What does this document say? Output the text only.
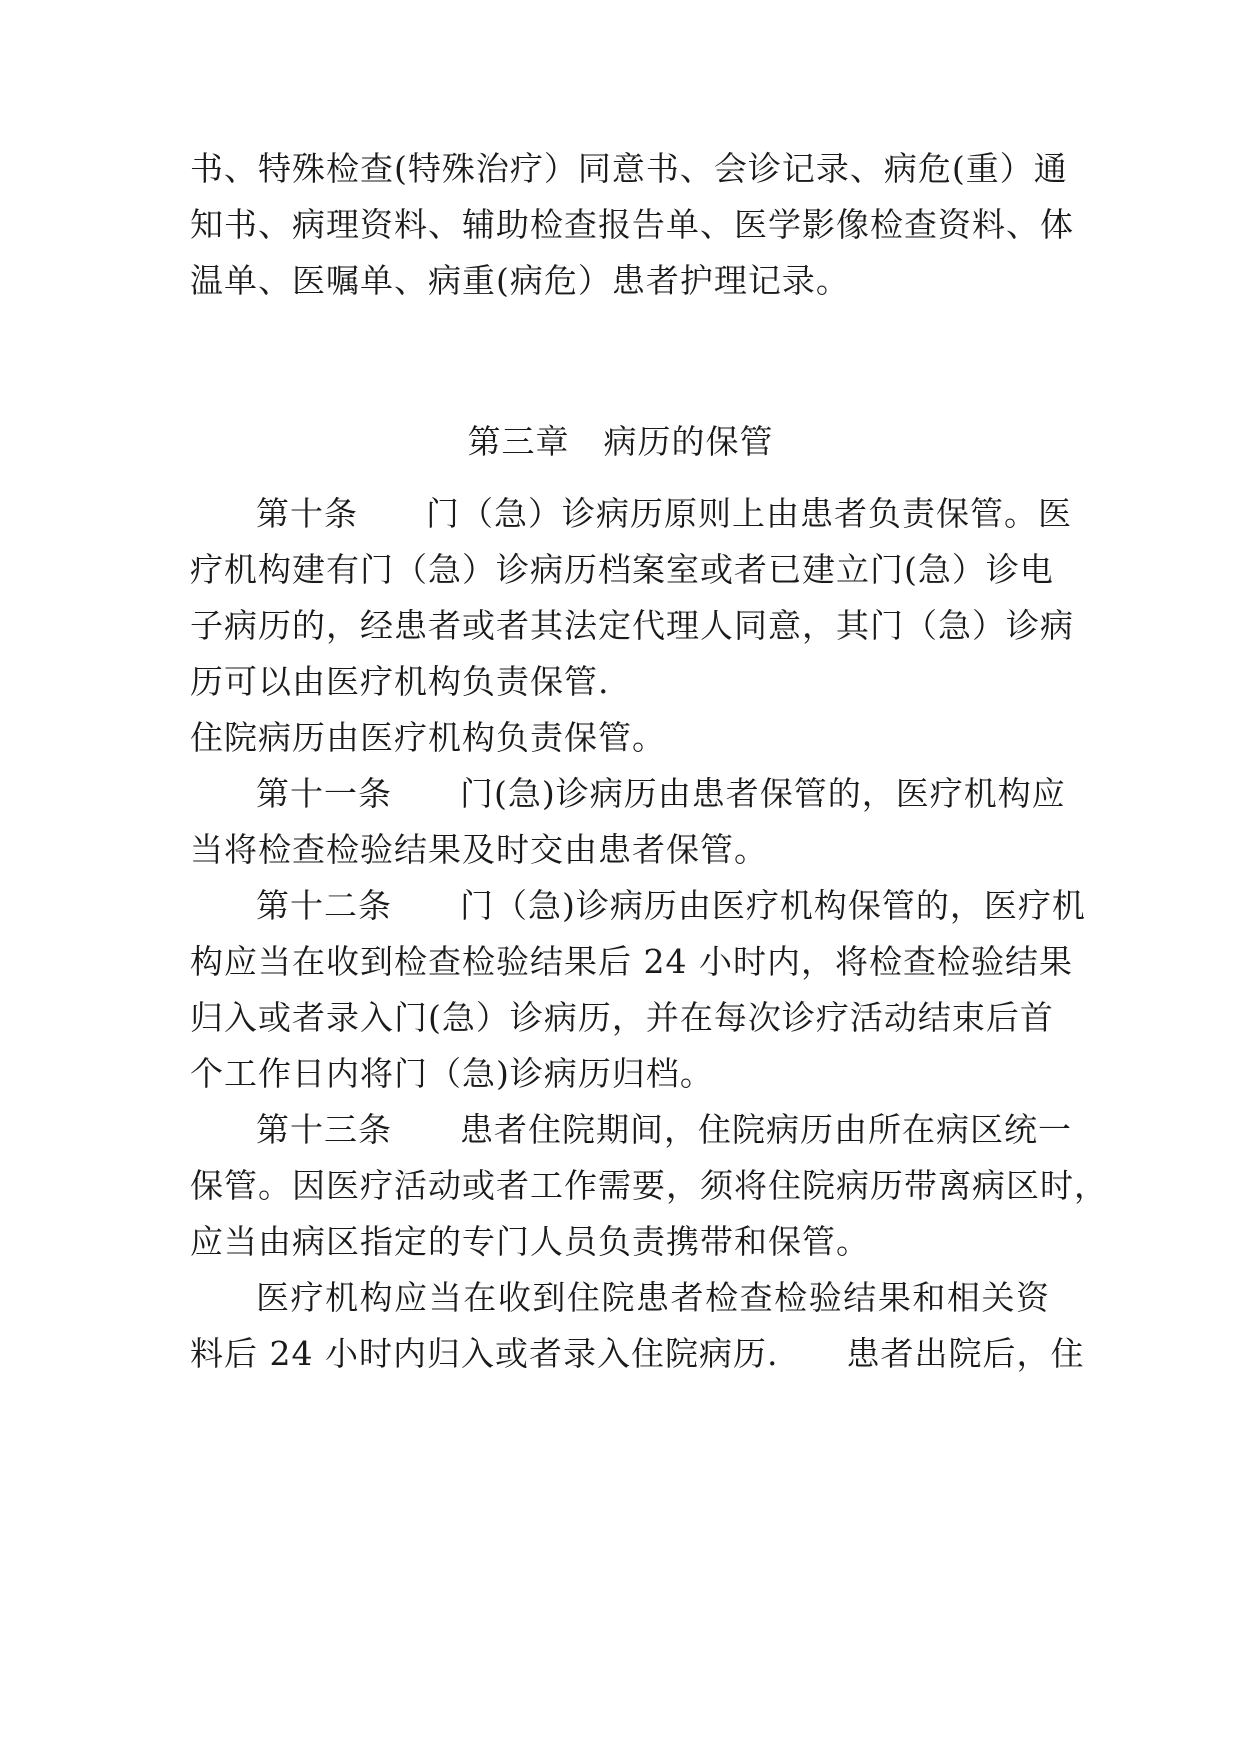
书、特殊检查(特殊治疗）同意书、会诊记录、病危(重）通
知书、病理资料、辅助检查报告单、医学影像检查资料、体
温单、医嘱单、病重(病危）患者护理记录。
第三章　病历的保管
第十条　　门（急）诊病历原则上由患者负责保管。医
疗机构建有门（急）诊病历档案室或者已建立门(急）诊电
子病历的，经患者或者其法定代理人同意，其门（急）诊病
历可以由医疗机构负责保管.
住院病历由医疗机构负责保管。
第十一条　　门(急)诊病历由患者保管的，医疗机构应
当将检查检验结果及时交由患者保管。
第十二条　　门（急)诊病历由医疗机构保管的，医疗机
构应当在收到检查检验结果后 24 小时内，将检查检验结果
归入或者录入门(急）诊病历，并在每次诊疗活动结束后首
个工作日内将门（急)诊病历归档。
第十三条　　患者住院期间，住院病历由所在病区统一
保管。因医疗活动或者工作需要，须将住院病历带离病区时，
应当由病区指定的专门人员负责携带和保管。
医疗机构应当在收到住院患者检查检验结果和相关资
料后 24 小时内归入或者录入住院病历.　　患者出院后，住
